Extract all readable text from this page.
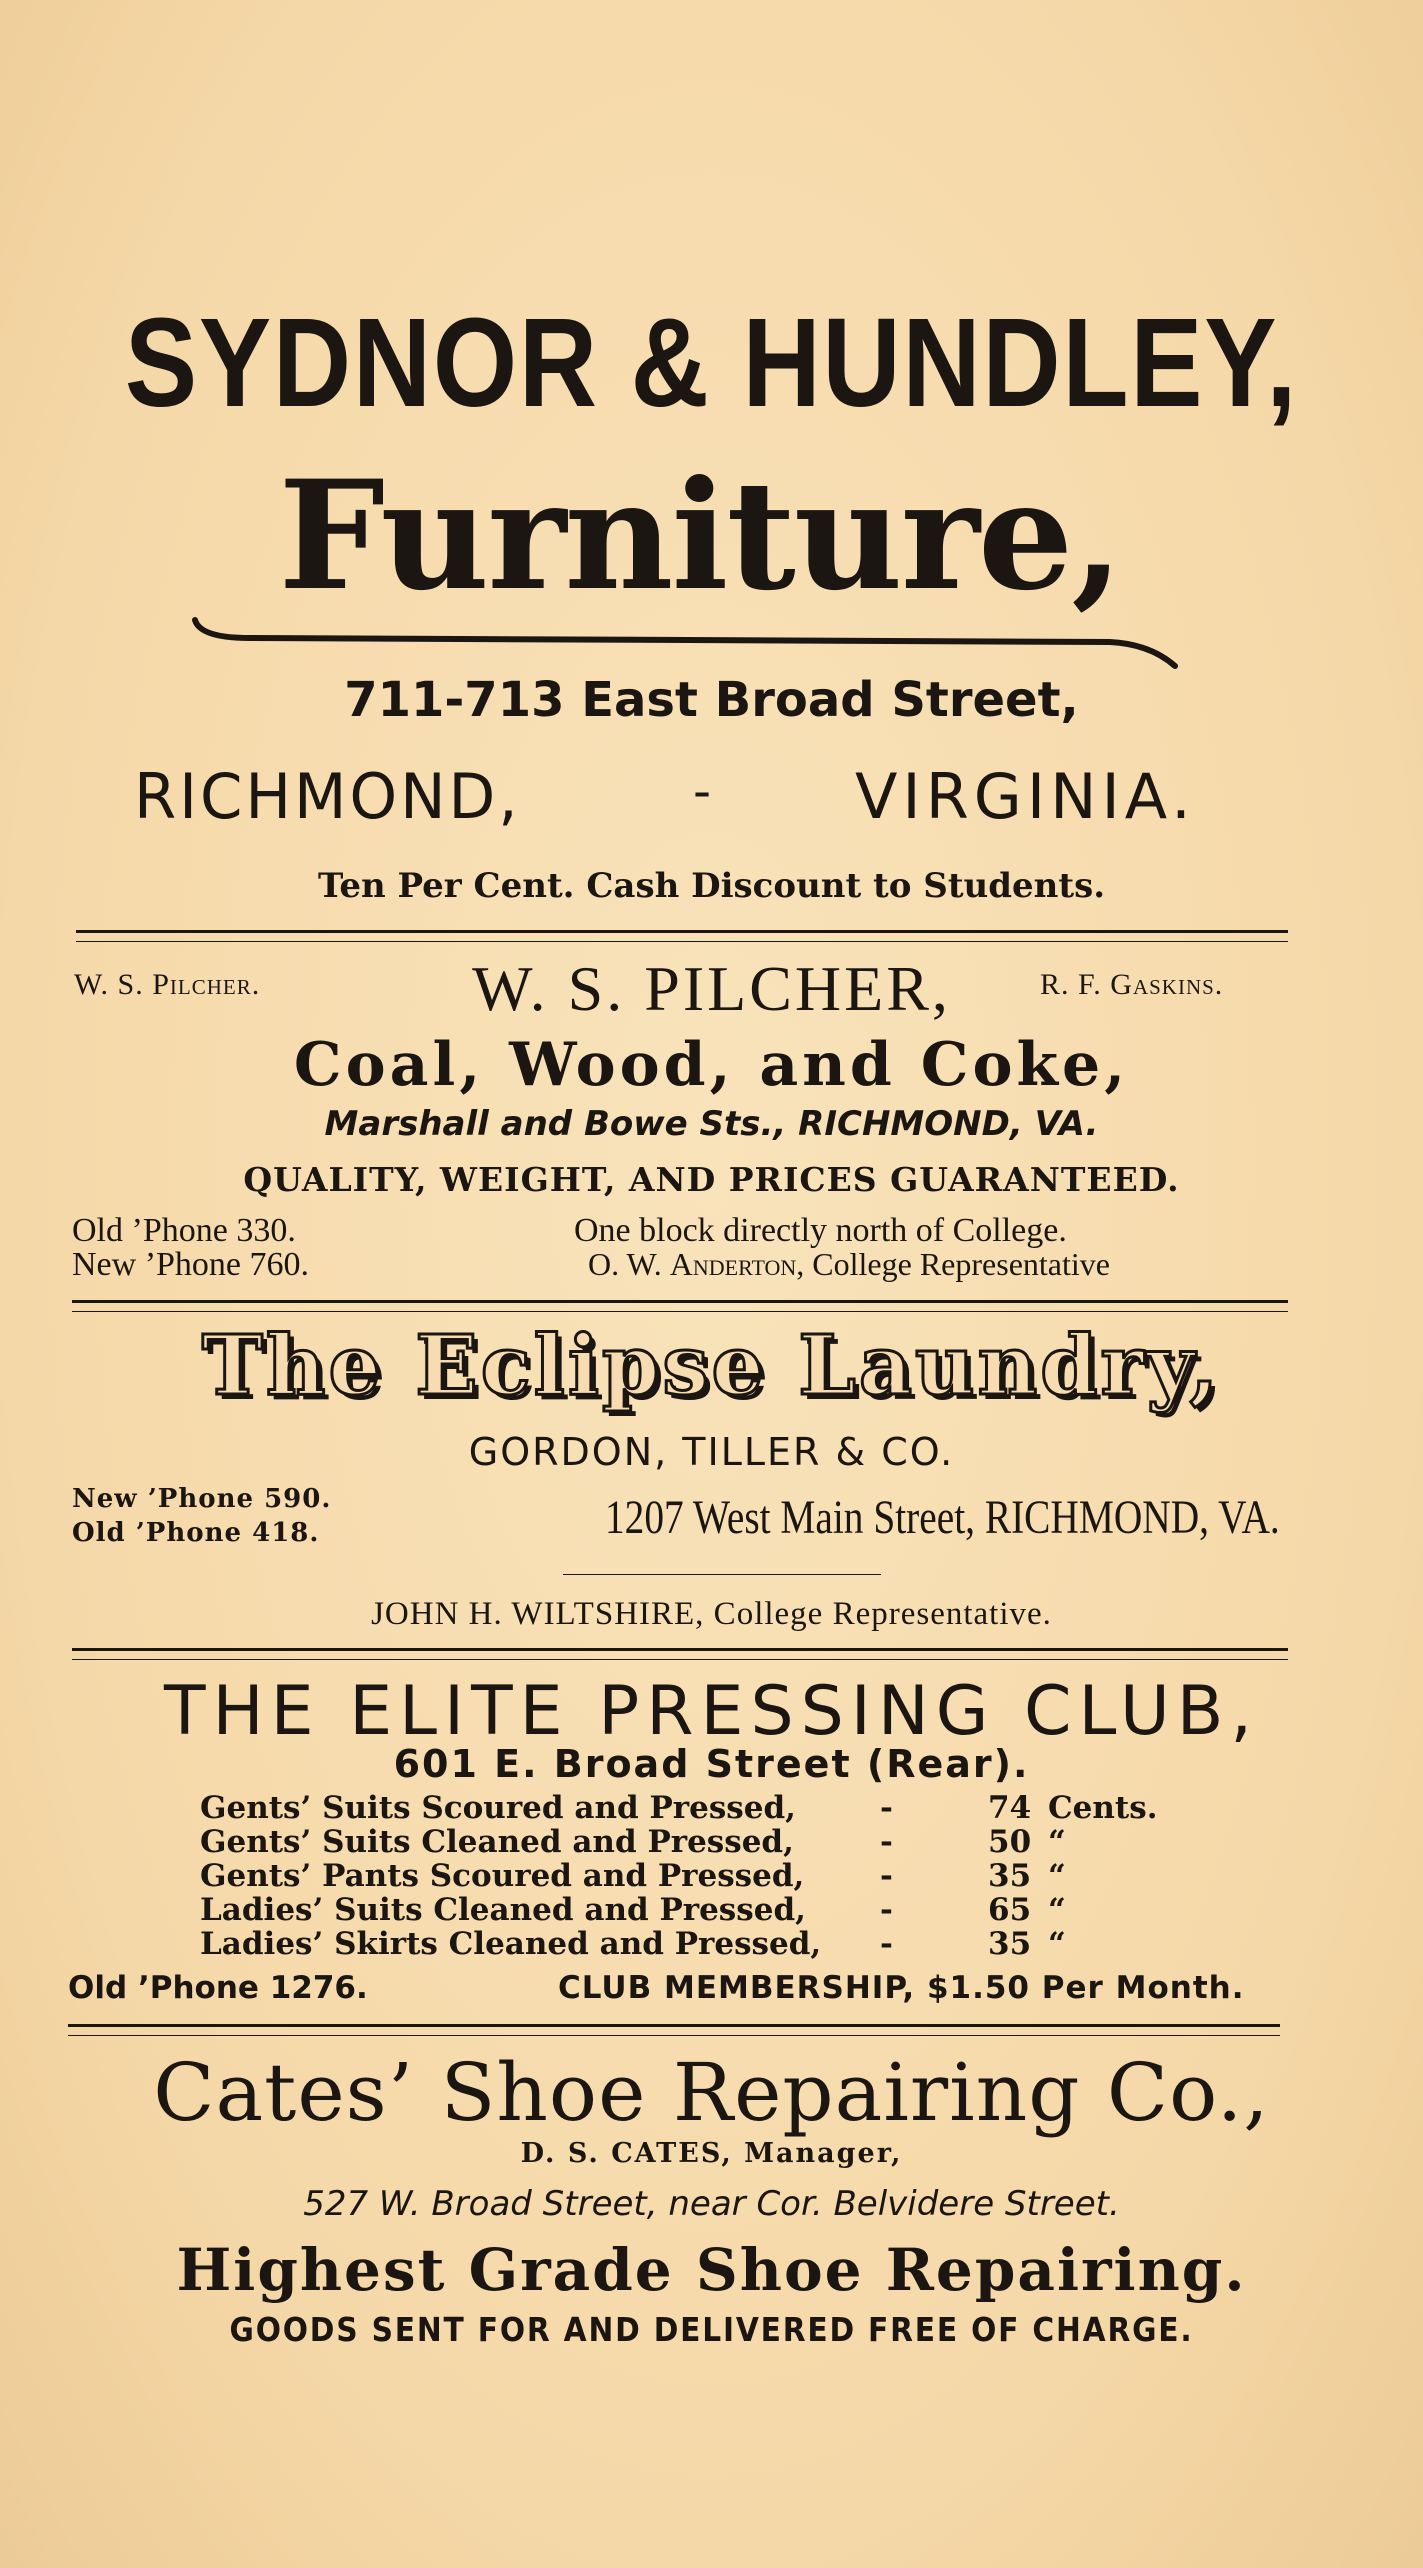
SYDNOR & HUNDLEY,
Furniture,
711-713 East Broad Street,
RICHMOND,	- VIRGINIA.
Ten Per Cent. Cash Discount to Students.
W. S. Pilcher.	W. S. PILCHER,	R. F. Gaskins.
Coal, Wood, and Coke,
Marshall and Bowe Sts., RICHMOND, VA.
QUALITY, WEIGHT, AND PRICES GUARANTEED.
Old ’Phone 330.
New ’Phone 760.
One block directly north of College.
O. W. Anderton, College Representative
The Eclipse Laundry,
GORDON, TILLER & CO.
New ’Phone 590.
Old ’Phone 418.	1207 West Main Street, RICHMOND, VA.
JOHN H. WILTSHIRE, College Representative.
THE ELITE PRESSING CLUB,
601 E. Broad Street (Rear).
Gents’ Suits Scoured and Pressed,	-	74 Cents.
Gents’ Suits Cleaned and Pressed,	-	50 “
Gents’ Pants Scoured and Pressed, -	35 “
Ladies’ Suits Cleaned and Pressed, -	65 “
Ladies’ Skirts Cleaned and Pressed, -	35 “
Old ’Phone 1276.	CLUB MEMBERSHIP, $1.50 Per Month.
Cates’ Shoe Repairing Co.,
D. S. CATES, Manager,
527 W. Broad Street, near Cor. Belvidere Street.
Highest Grade Shoe Repairing.
GOODS SENT FOR AND DELIVERED FREE OF CHARGE.
